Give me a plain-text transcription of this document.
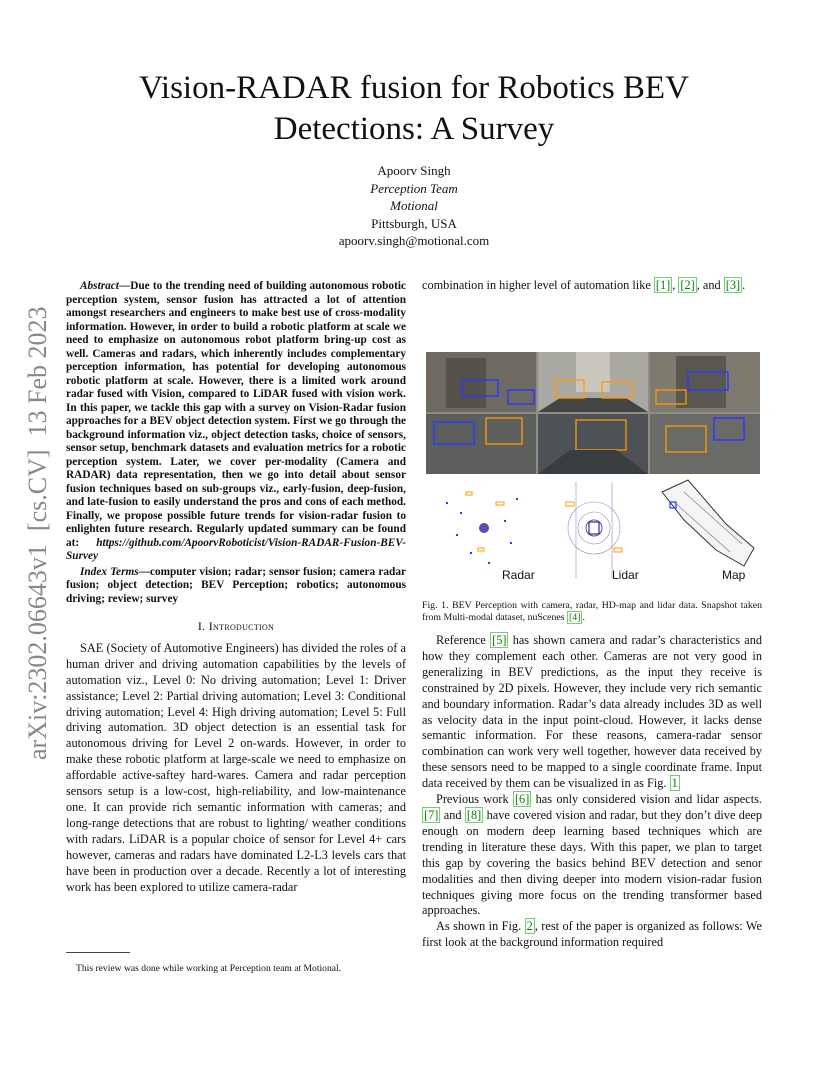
Vision-RADAR fusion for Robotics BEV Detections: A Survey
Apoorv Singh
Perception Team
Motional
Pittsburgh, USA
apoorv.singh@motional.com
arXiv:2302.06643v1  [cs.CV]  13 Feb 2023

Abstract—Due to the trending need of building autonomous robotic perception system, sensor fusion has attracted a lot of attention amongst researchers and engineers to make best use of cross-modality information. However, in order to build a robotic platform at scale we need to emphasize on autonomous robot platform bring-up cost as well. Cameras and radars, which inherently includes complementary perception information, has potential for developing autonomous robotic platform at scale. However, there is a limited work around radar fused with Vision, compared to LiDAR fused with vision work. In this paper, we tackle this gap with a survey on Vision-Radar fusion approaches for a BEV object detection system. First we go through the background information viz., object detection tasks, choice of sensors, sensor setup, benchmark datasets and evaluation metrics for a robotic perception system. Later, we cover per-modality (Camera and RADAR) data representation, then we go into detail about sensor fusion techniques based on sub-groups viz., early-fusion, deep-fusion, and late-fusion to easily understand the pros and cons of each method. Finally, we propose possible future trends for vision-radar fusion to enlighten future research. Regularly updated summary can be found at: https://github.com/ApoorvRoboticist/Vision-RADAR-Fusion-BEV-Survey

Index Terms—computer vision; radar; sensor fusion; camera radar fusion; object detection; BEV Perception; robotics; autonomous driving; review; survey

I. Introduction

SAE (Society of Automotive Engineers) has divided the roles of a human driver and driving automation capabilities by the levels of automation viz., Level 0: No driving automation; Level 1: Driver assistance; Level 2: Partial driving automation; Level 3: Conditional driving automation; Level 4: High driving automation; Level 5: Full driving automation. 3D object detection is an essential task for autonomous driving for Level 2 on-wards. However, in order to make these robotic platform at large-scale we need to emphasize on affordable active-saftey hard-wares. Camera and radar perception sensors setup is a low-cost, high-reliability, and low-maintenance one. It can provide rich semantic information with cameras; and long-range detections that are robust to lighting/ weather conditions with radars. LiDAR is a popular choice of sensor for Level 4+ cars however, cameras and radars have dominated L2-L3 levels cars that have been in production over a decade. Recently a lot of interesting work has been explored to utilize camera-radar

This review was done while working at Perception team at Motional.

combination in higher level of automation like [1] , [2] , and [3] .

Radar	Lidar	Map
Fig. 1. BEV Perception with camera, radar, HD-map and lidar data. Snapshot taken from Multi-modal dataset, nuScenes [4] .

Reference [5] has shown camera and radar’s characteristics and how they complement each other. Cameras are not very good in generalizing in BEV predictions, as the input they receive is constrained by 2D pixels. However, they include very rich semantic and boundary information. Radar’s data already includes 3D as well as velocity data in the input point-cloud. However, it lacks dense semantic information. For these reasons, camera-radar sensor combination can work very well together, however data received by these sensors need to be mapped to a single coordinate frame. Input data received by them can be visualized in as Fig. 1

Previous work [6] has only considered vision and lidar aspects. [7] and [8] have covered vision and radar, but they don’t dive deep enough on modern deep learning based techniques which are trending in literature these days. With this paper, we plan to target this gap by covering the basics behind BEV detection and senor modalities and then diving deeper into modern vision-radar fusion techniques giving more focus on the trending transformer based approaches.

As shown in Fig. 2 , rest of the paper is organized as follows: We first look at the background information required
